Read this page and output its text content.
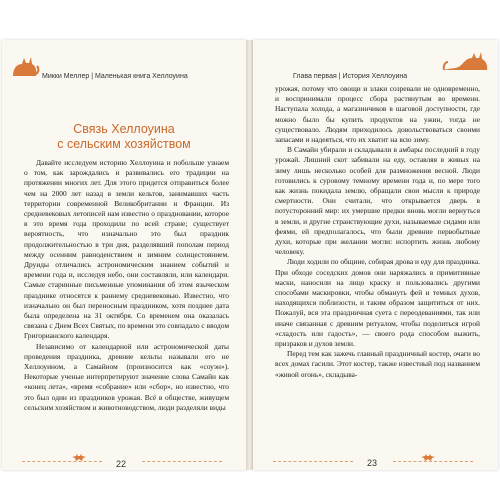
Микки Меллер | Маленькая книга Хеллоуина
Связь Хеллоуина
с сельским хозяйством

Давайте исследуем историю Хеллоуина и побольше узнаем о том, как зарождались и развивались его традиции на протяжении многих лет. Для этого придется отправиться более чем на 2000 лет назад в земли кельтов, занимавших часть территории современной Великобритании и Франции. Из средневековых летописей нам известно о праздновании, которое в это время года проходили по всей стране; существует вероятность, что изначально это был праздник продолжительностью в три дня, разделявший пополам период между осенним равноденствием и зимним солнцестоянием. Друиды отличались астрономическим знанием событий и времени года и, исследуя небо, они составляли, или календари. Самые старинные письменные упоминания об этом языческом празднике относятся к раннему средневековью. Известно, что изначально он был переносным праздником, хотя позднее дата была определена на 31 октября. Со временем она оказалась связана с Днем Всех Святых, по времени это совпадало с вводом Григорианского календаря.

Независимо от календарной или астрономической даты проведения праздника, древние кельты называли его не Хеллоуином, а Самайном (произносится как «соуэн»). Некоторые ученые интерпретируют значение слова Самайн как «конец лета», «время «собрание» или «сбор», но известно, что это был один из праздников урожая. Всё в обществе, живущем сельским хозяйством и животноводством, люди разделяли виды

22
Глава первая | История Хеллоуина

урожая, потому что овощи и злаки созревали не одновременно, и воспринимали процесс сбора растянутым во времени. Наступала холода, а магазинчиков в шаговой доступности, где можно было бы купить продуктов на ужин, тогда не существовало. Людям приходилось довольствоваться своими запасами и надеяться, что их хватит на всю зиму.

В Самайн убирали и складывали в амбары последний в году урожай. Лишний скот забивали на еду, оставляя в живых на зиму лишь несколько особей для размножения весной. Люди готовились к суровому темному времени года и, по мере того как жизнь покидала землю, обращали свои мысли к природе смертности. Они считали, что открывается дверь в потусторонний мир: их умершие предки вновь могли вернуться в земли, и другие странствующие духи, называемые сидами или феями, ей предполагалось, что были древние первобытные духи, которые при желании могли: испортить жизнь любому человеку.

Люди ходили по общине, собирая дрова и еду для праздника. При обходе соседских домов они наряжались в примитивные маски, наносили на лицо краску и пользовались другими способами маскировки, чтобы обмануть фей и темных духов, находящихся поблизости, и таким образом защититься от них. Пожалуй, вся эта праздничная суета с переодеваниями, так или иначе связанная с древним ритуалом, чтобы поделиться игрой «сладость или гадость», — своего рода способом выжить, призраков и духов земли.

Перед тем как зажечь главный праздничный костер, очаги во всех домах гасили. Этот костер, также известный под названием «живой огонь», складыва-

23
